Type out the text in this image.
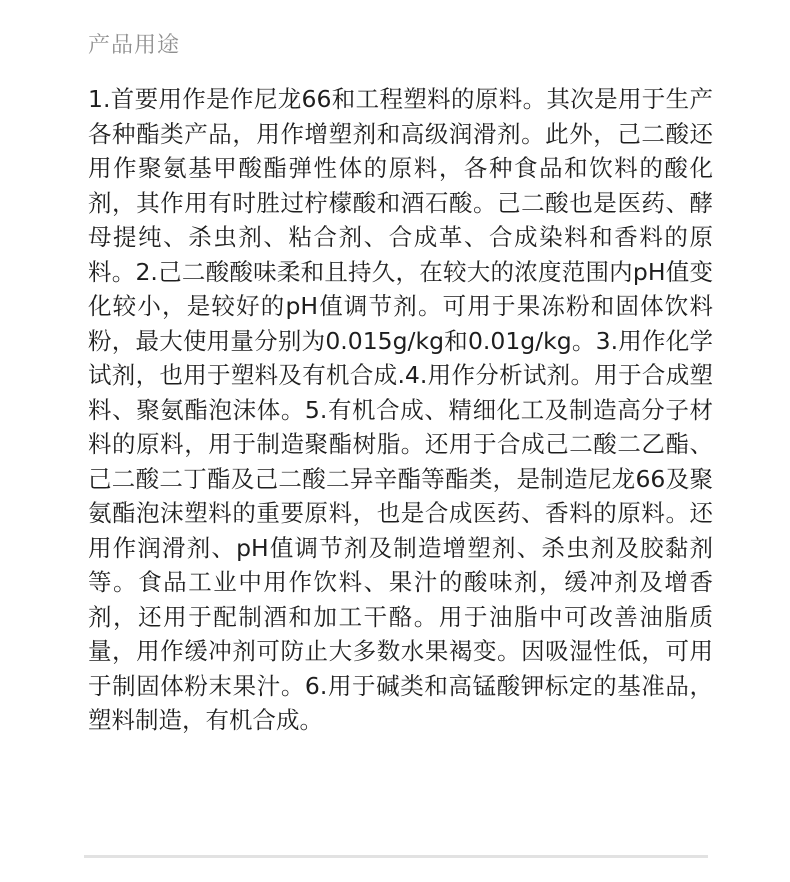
产品用途

1.首要用作是作尼龙66和工程塑料的原料。其次是用于生产各种酯类产品，用作增塑剂和高级润滑剂。此外，己二酸还用作聚氨基甲酸酯弹性体的原料，各种食品和饮料的酸化剂，其作用有时胜过柠檬酸和酒石酸。己二酸也是医药、酵母提纯、杀虫剂、粘合剂、合成革、合成染料和香料的原料。2.己二酸酸味柔和且持久，在较大的浓度范围内pH值变化较小，是较好的pH值调节剂。可用于果冻粉和固体饮料粉，最大使用量分别为0.015g/kg和0.01g/kg。3.用作化学试剂，也用于塑料及有机合成.4.用作分析试剂。用于合成塑料、聚氨酯泡沫体。5.有机合成、精细化工及制造高分子材料的原料，用于制造聚酯树脂。还用于合成己二酸二乙酯、己二酸二丁酯及己二酸二异辛酯等酯类，是制造尼龙66及聚氨酯泡沫塑料的重要原料，也是合成医药、香料的原料。还用作润滑剂、pH值调节剂及制造增塑剂、杀虫剂及胶黏剂等。食品工业中用作饮料、果汁的酸味剂，缓冲剂及增香剂，还用于配制酒和加工干酪。用于油脂中可改善油脂质量，用作缓冲剂可防止大多数水果褐变。因吸湿性低，可用于制固体粉末果汁。6.用于碱类和高锰酸钾标定的基准品，塑料制造，有机合成。
